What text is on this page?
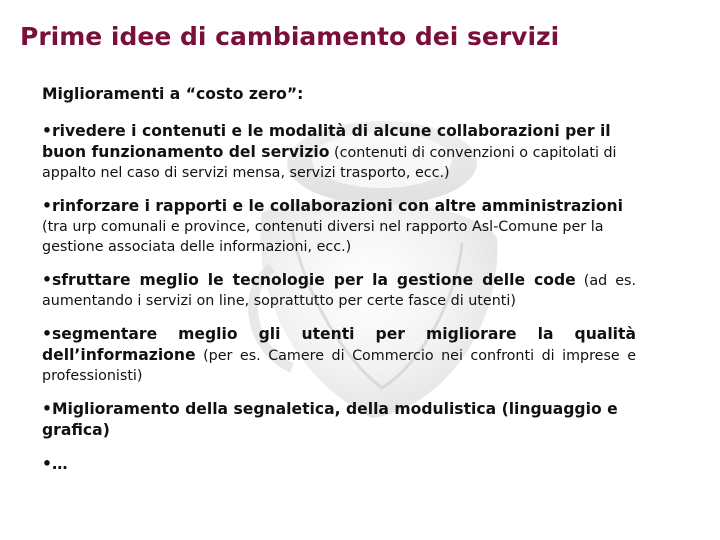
Prime idee di cambiamento dei servizi

Miglioramenti a “costo zero”:

•rivedere i contenuti e le modalità di alcune collaborazioni per il buon funzionamento del servizio (contenuti di convenzioni o capitolati di appalto nel caso di servizi mensa, servizi trasporto, ecc.)

•rinforzare i rapporti e le collaborazioni con altre amministrazioni (tra urp comunali e province, contenuti diversi nel rapporto Asl-Comune per la gestione associata delle informazioni, ecc.)

•sfruttare meglio le tecnologie per la gestione delle code (ad es. aumentando i servizi on line, soprattutto per certe fasce di utenti)

•segmentare meglio gli utenti per migliorare la qualità dell’informazione (per es. Camere di Commercio nei confronti di imprese e professionisti)

•Miglioramento della segnaletica, della modulistica (linguaggio e grafica)

•…
